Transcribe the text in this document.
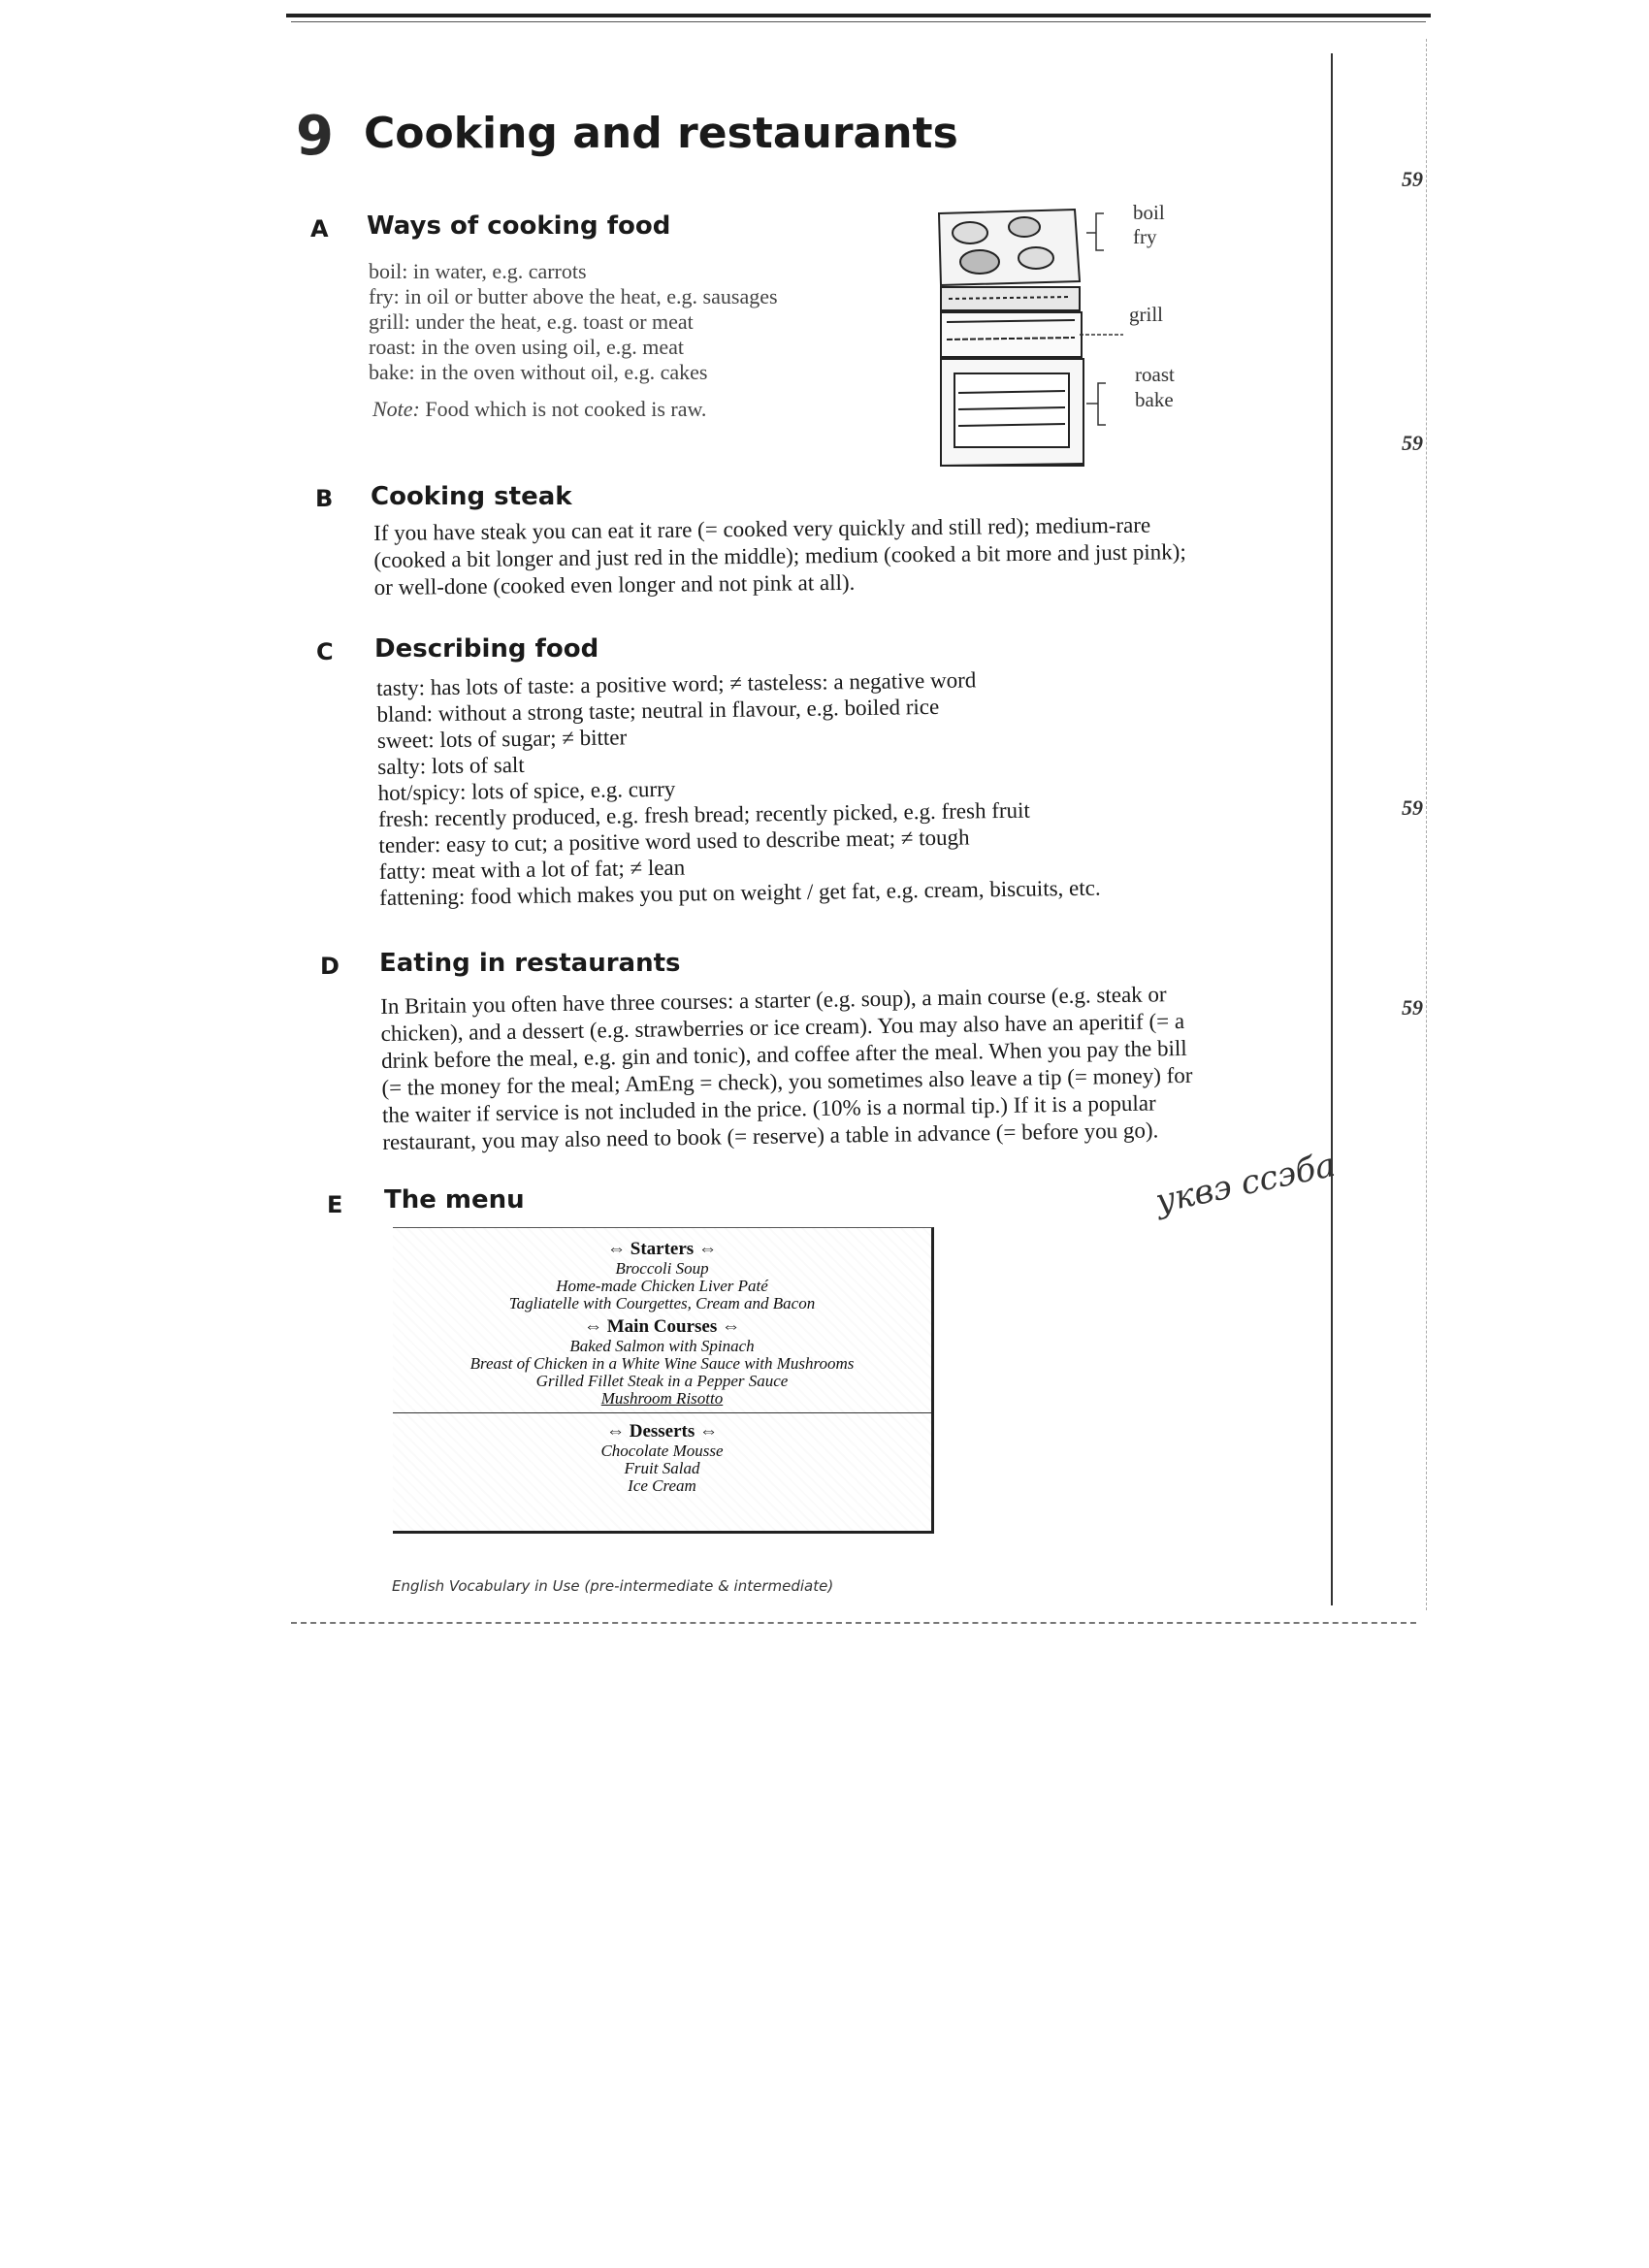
59
59
59
59
9 Cooking and restaurants
A Ways of cooking food
boil: in water, e.g. carrots
fry: in oil or butter above the heat, e.g. sausages
grill: under the heat, e.g. toast or meat
roast: in the oven using oil, e.g. meat
bake: in the oven without oil, e.g. cakes
Note: Food which is not cooked is raw.
boil
fry
grill
roast
bake
B Cooking steak
If you have steak you can eat it rare (= cooked very quickly and still red); medium-rare
(cooked a bit longer and just red in the middle); medium (cooked a bit more and just pink);
or well-done (cooked even longer and not pink at all).
C Describing food
tasty: has lots of taste: a positive word; ≠ tasteless: a negative word
bland: without a strong taste; neutral in flavour, e.g. boiled rice
sweet: lots of sugar; ≠ bitter
salty: lots of salt
hot/spicy: lots of spice, e.g. curry
fresh: recently produced, e.g. fresh bread; recently picked, e.g. fresh fruit
tender: easy to cut; a positive word used to describe meat; ≠ tough
fatty: meat with a lot of fat; ≠ lean
fattening: food which makes you put on weight / get fat, e.g. cream, biscuits, etc.
D Eating in restaurants
In Britain you often have three courses: a starter (e.g. soup), a main course (e.g. steak or
chicken), and a dessert (e.g. strawberries or ice cream). You may also have an aperitif (= a
drink before the meal, e.g. gin and tonic), and coffee after the meal. When you pay the bill
(= the money for the meal; AmEng = check), you sometimes also leave a tip (= money) for
the waiter if service is not included in the price. (10% is a normal tip.) If it is a popular
restaurant, you may also need to book (= reserve) a table in advance (= before you go).
E The menu
⇔ Starters ⇔
Broccoli Soup
Home-made Chicken Liver Paté
Tagliatelle with Courgettes, Cream and Bacon
⇔ Main Courses ⇔
Baked Salmon with Spinach
Breast of Chicken in a White Wine Sauce with Mushrooms
Grilled Fillet Steak in a Pepper Sauce
Mushroom Risotto
⇔ Desserts ⇔
Chocolate Mousse
Fruit Salad
Ice Cream
уквэ ссэба
English Vocabulary in Use (pre-intermediate & intermediate)
